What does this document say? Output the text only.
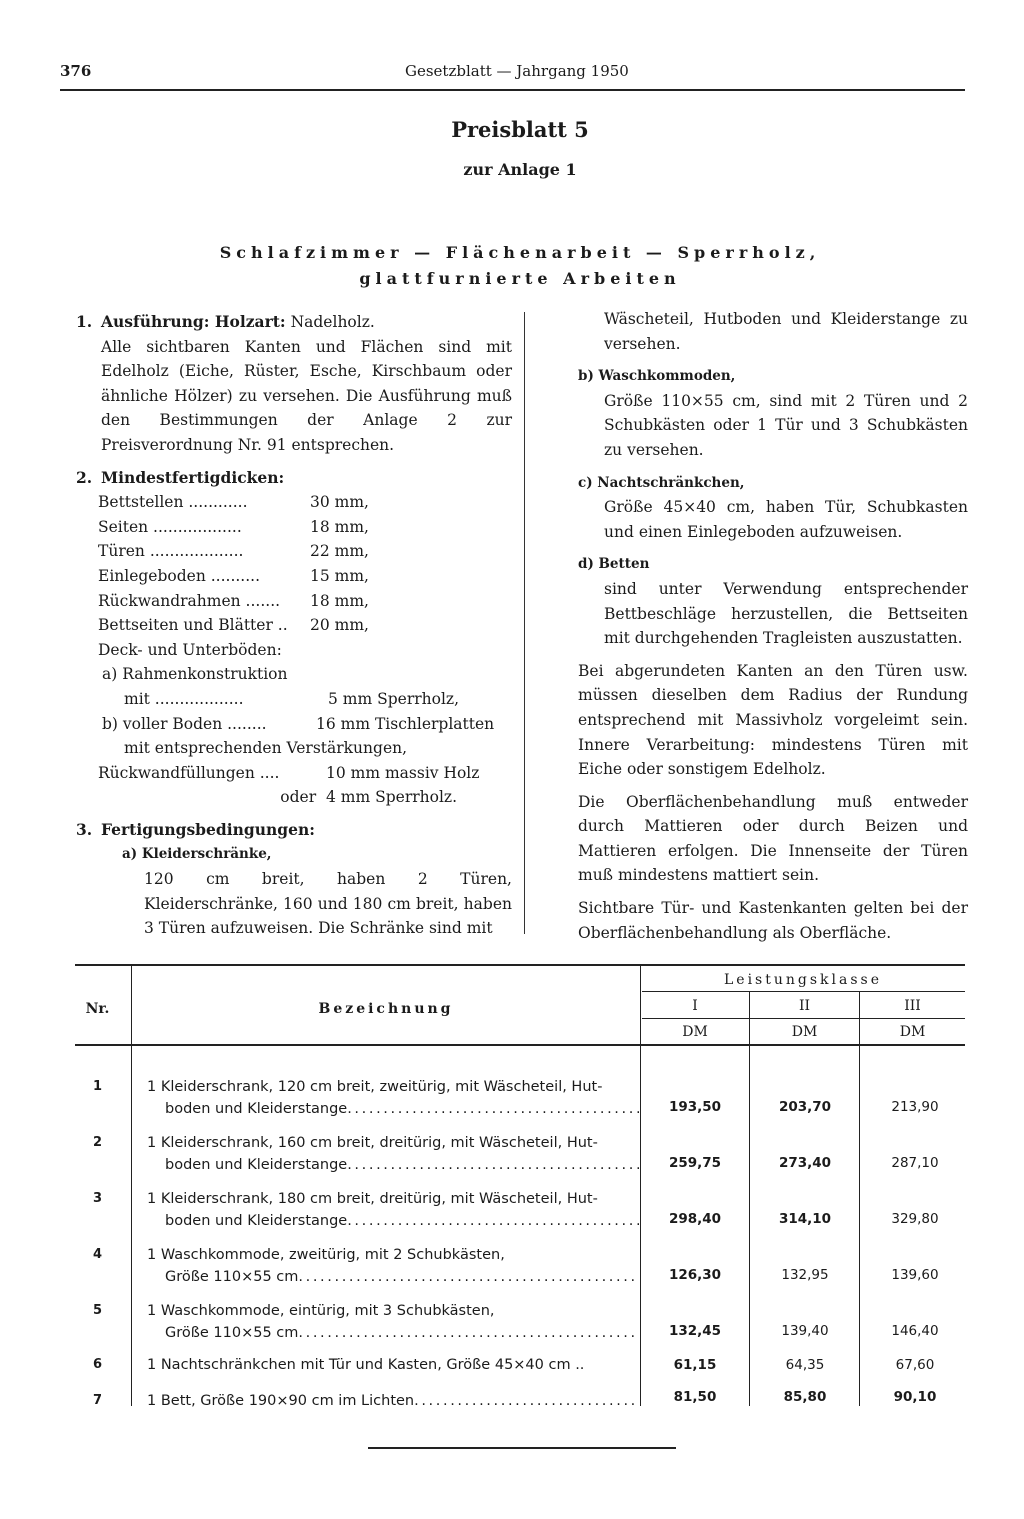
376	Gesetzblatt — Jahrgang 1950
Preisblatt 5
zur Anlage 1
Schlafzimmer — Flächenarbeit — Sperrholz,
glattfurnierte Arbeiten
1. Ausführung: Holzart: Nadelholz.
Alle sichtbaren Kanten und Flächen sind mit Edelholz (Eiche, Rüster, Esche, Kirschbaum oder ähnliche Hölzer) zu versehen. Die Ausführung muß den Bestimmungen der Anlage 2 zur Preisverordnung Nr. 91 entsprechen.
2. Mindestfertigdicken:
Bettstellen ............	30 mm,
Seiten ..................	18 mm,
Türen ...................	22 mm,
Einlegeboden ..........	15 mm,
Rückwandrahmen .......	18 mm,
Bettseiten und Blätter ..	20 mm,
Deck- und Unterböden:
a) Rahmenkonstruktion
mit ..................	5 mm Sperrholz,
b) voller Boden ........	16 mm Tischlerplatten
mit entsprechenden Verstärkungen,
Rückwandfüllungen ....	10 mm massiv Holz
oder 4 mm Sperrholz.
3. Fertigungsbedingungen:
a) Kleiderschränke,
120 cm breit, haben 2 Türen, Kleiderschränke, 160 und 180 cm breit, haben 3 Türen aufzuweisen. Die Schränke sind mit
Wäscheteil, Hutboden und Kleiderstange zu versehen.
b) Waschkommoden,
Größe 110×55 cm, sind mit 2 Türen und 2 Schubkästen oder 1 Tür und 3 Schubkästen zu versehen.
c) Nachtschränkchen,
Größe 45×40 cm, haben Tür, Schubkasten und einen Einlegeboden aufzuweisen.
d) Betten
sind unter Verwendung entsprechender Bettbeschläge herzustellen, die Bettseiten mit durchgehenden Tragleisten auszustatten.
Bei abgerundeten Kanten an den Türen usw. müssen dieselben dem Radius der Rundung entsprechend mit Massivholz vorgeleimt sein. Innere Verarbeitung: mindestens Türen mit Eiche oder sonstigem Edelholz.
Die Oberflächenbehandlung muß entweder durch Mattieren oder durch Beizen und Mattieren erfolgen. Die Innenseite der Türen muß mindestens mattiert sein.
Sichtbare Tür- und Kastenkanten gelten bei der Oberflächenbehandlung als Oberfläche.
Nr.	Bezeichnung
Leistungsklasse
I	II	III
DM	DM	DM
1	1 Kleiderschrank, 120 cm breit, zweitürig, mit Wäscheteil, Hut-
boden und Kleiderstange . . .	193,50	203,70	213,90
2	1 Kleiderschrank, 160 cm breit, dreitürig, mit Wäscheteil, Hut-
boden und Kleiderstange . . .	259,75	273,40	287,10
3	1 Kleiderschrank, 180 cm breit, dreitürig, mit Wäscheteil, Hut-
boden und Kleiderstange . . .	298,40	314,10	329,80
4	1 Waschkommode, zweitürig, mit 2 Schubkästen,
Größe 110×55 cm . . .	126,30	132,95	139,60
5	1 Waschkommode, eintürig, mit 3 Schubkästen,
Größe 110×55 cm . . .	132,45	139,40	146,40
6	1 Nachtschränkchen mit Tür und Kasten, Größe 45×40 cm ..	61,15	64,35	67,60
7	1 Bett, Größe 190×90 cm im Lichten . . .	81,50	85,80	90,10
